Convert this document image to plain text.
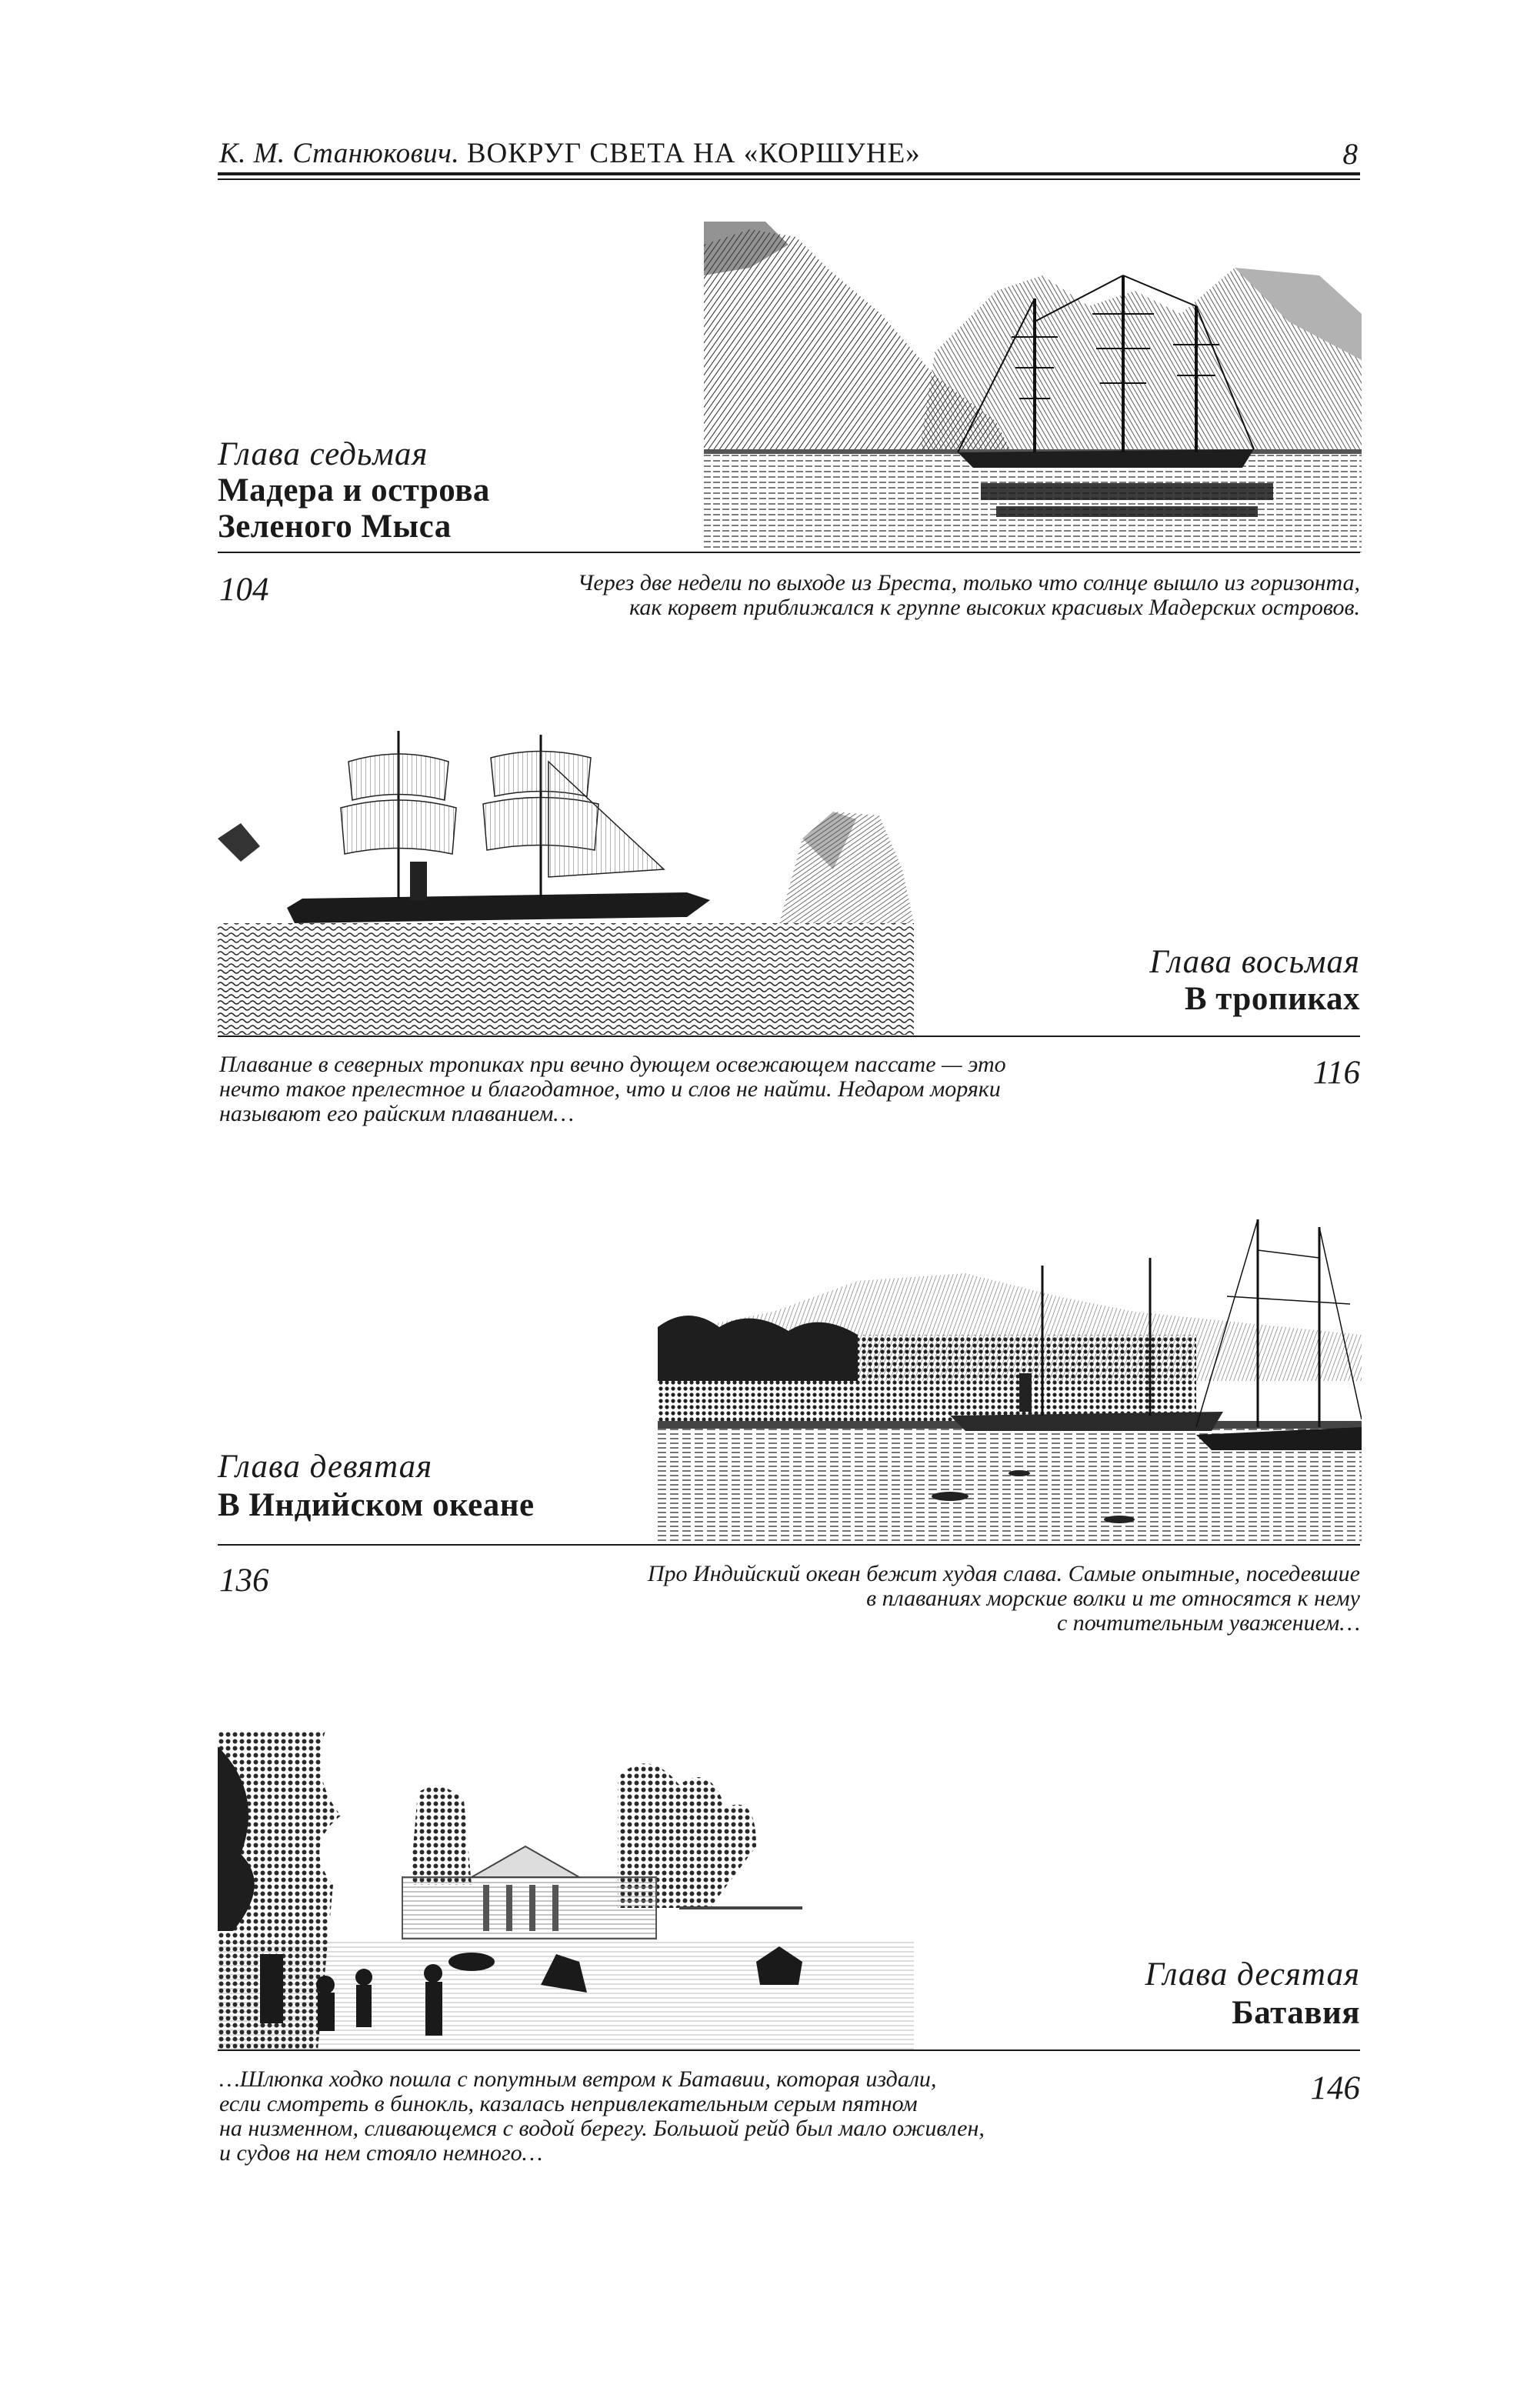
К. М. Станюкович. ВОКРУГ СВЕТА НА «КОРШУНЕ»	8
Глава седьмая
Мадера и острова
Зеленого Мыса
104	Через две недели по выходе из Бреста, только что солнце вышло из горизонта,
как корвет приближался к группе высоких красивых Мадерских островов.
Глава восьмая
В тропиках
Плавание в северных тропиках при вечно дующем освежающем пассате — это
нечто такое прелестное и благодатное, что и слов не найти. Недаром моряки
называют его райским плаванием…
116
Глава девятая
В Индийском океане
136	Про Индийский океан бежит худая слава. Самые опытные, поседевшие
в плаваниях морские волки и те относятся к нему
с почтительным уважением…
Глава десятая
Батавия
…Шлюпка ходко пошла с попутным ветром к Батавии, которая издали,
если смотреть в бинокль, казалась непривлекательным серым пятном
на низменном, сливающемся с водой берегу. Большой рейд был мало оживлен,
и судов на нем стояло немного…
146
